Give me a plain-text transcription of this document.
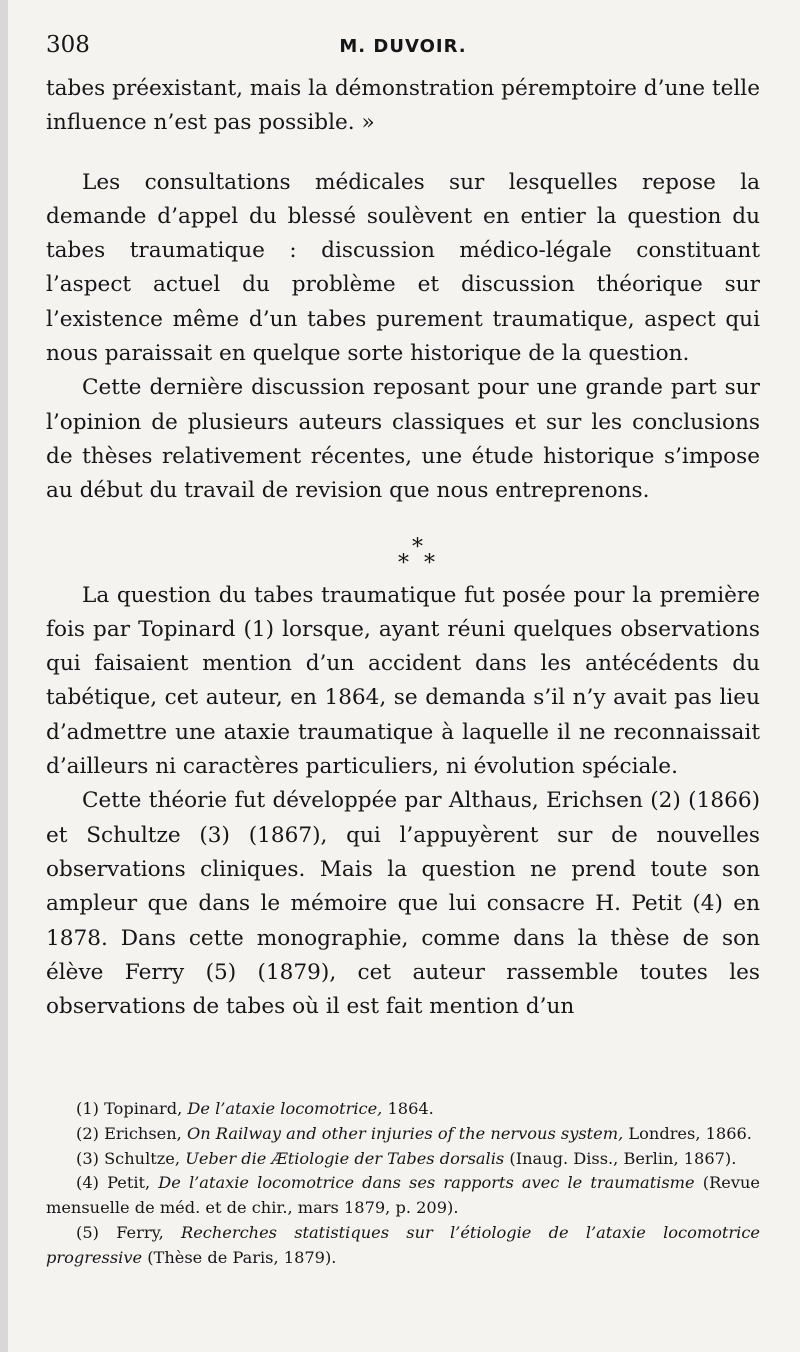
308	M. DUVOIR.

tabes préexistant, mais la démonstration péremptoire d’une telle influence n’est pas possible. »

Les consultations médicales sur lesquelles repose la demande d’appel du blessé soulèvent en entier la question du tabes traumatique : discussion médico-légale constituant l’aspect actuel du problème et discussion théorique sur l’existence même d’un tabes purement traumatique, aspect qui nous paraissait en quelque sorte historique de la question.

Cette dernière discussion reposant pour une grande part sur l’opinion de plusieurs auteurs classiques et sur les conclusions de thèses relativement récentes, une étude historique s’impose au début du travail de revision que nous entreprenons.

*
* *

La question du tabes traumatique fut posée pour la première fois par Topinard (1) lorsque, ayant réuni quelques observations qui faisaient mention d’un accident dans les antécédents du tabétique, cet auteur, en 1864, se demanda s’il n’y avait pas lieu d’admettre une ataxie traumatique à laquelle il ne reconnaissait d’ailleurs ni caractères particuliers, ni évolution spéciale.

Cette théorie fut développée par Althaus, Erichsen (2) (1866) et Schultze (3) (1867), qui l’appuyèrent sur de nouvelles observations cliniques. Mais la question ne prend toute son ampleur que dans le mémoire que lui consacre H. Petit (4) en 1878. Dans cette monographie, comme dans la thèse de son élève Ferry (5) (1879), cet auteur rassemble toutes les observations de tabes où il est fait mention d’un

(1) Topinard, De l’ataxie locomotrice, 1864.

(2) Erichsen, On Railway and other injuries of the nervous system, Londres, 1866.

(3) Schultze, Ueber die Ætiologie der Tabes dorsalis (Inaug. Diss., Berlin, 1867).

(4) Petit, De l’ataxie locomotrice dans ses rapports avec le traumatisme (Revue mensuelle de méd. et de chir., mars 1879, p. 209).

(5) Ferry, Recherches statistiques sur l’étiologie de l’ataxie locomotrice progressive (Thèse de Paris, 1879).
